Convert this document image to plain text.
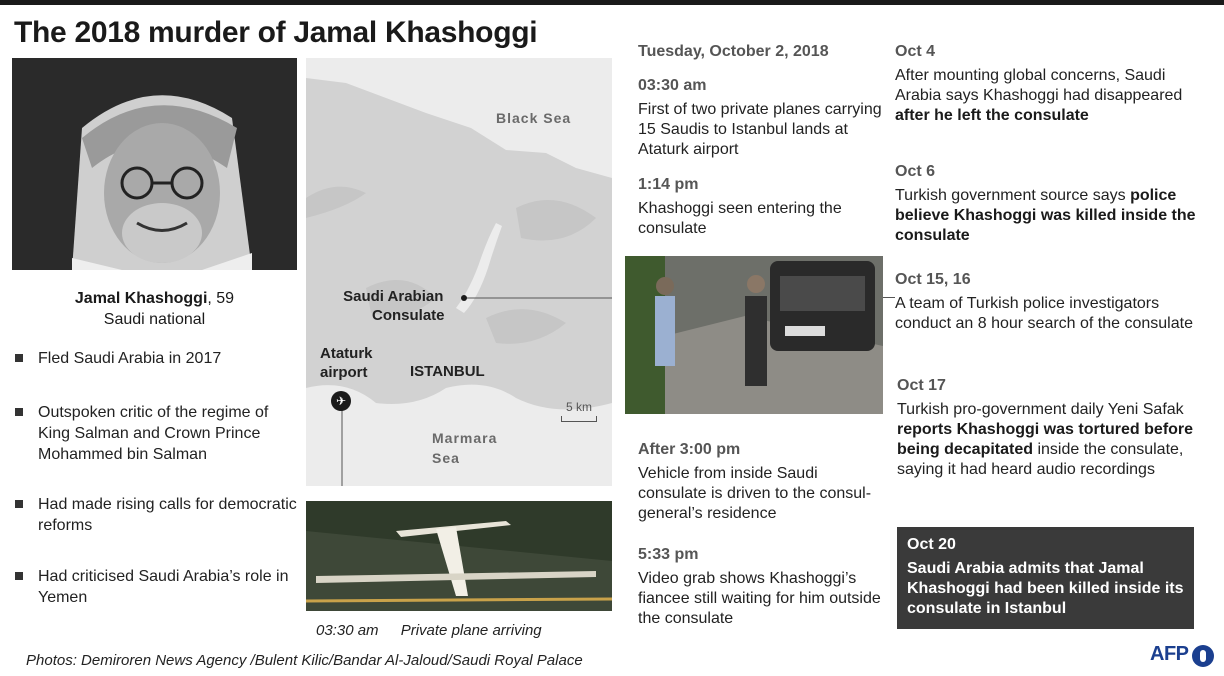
The 2018 murder of Jamal Khashoggi
Jamal Khashoggi, 59
Saudi national
Fled Saudi Arabia in 2017
Outspoken critic of the regime of King Salman and Crown Prince Mohammed bin Salman
Had made rising calls for democratic reforms
Had criticised Saudi Arabia’s role in Yemen
Black Sea
Marmara
Sea
Saudi Arabian
Consulate
Ataturk
airport	ISTANBUL
5 km
✈
03:30 am Private plane arriving
Tuesday, October 2, 2018
03:30 am
First of two private planes carrying 15 Saudis to Istanbul lands at Ataturk airport
1:14 pm
Khashoggi seen entering the consulate
After 3:00 pm
Vehicle from inside Saudi consulate is driven to the consul-general’s residence
5:33 pm
Video grab shows Khashoggi’s fiancee still waiting for him outside the consulate
Oct 4
After mounting global concerns, Saudi Arabia says Khashoggi had disappeared after he left the consulate
Oct 6
Turkish government source says police believe Khashoggi was killed inside the consulate
Oct 15, 16
A team of Turkish police investigators conduct an 8 hour search of the consulate
Oct 17
Turkish pro-government daily Yeni Safak reports Khashoggi was tortured before being decapitated inside the consulate, saying it had heard audio recordings
Oct 20
Saudi Arabia admits that Jamal Khashoggi had been killed inside its consulate in Istanbul
Photos: Demiroren News Agency /Bulent Kilic/Bandar Al-Jaloud/Saudi Royal Palace	AFP
